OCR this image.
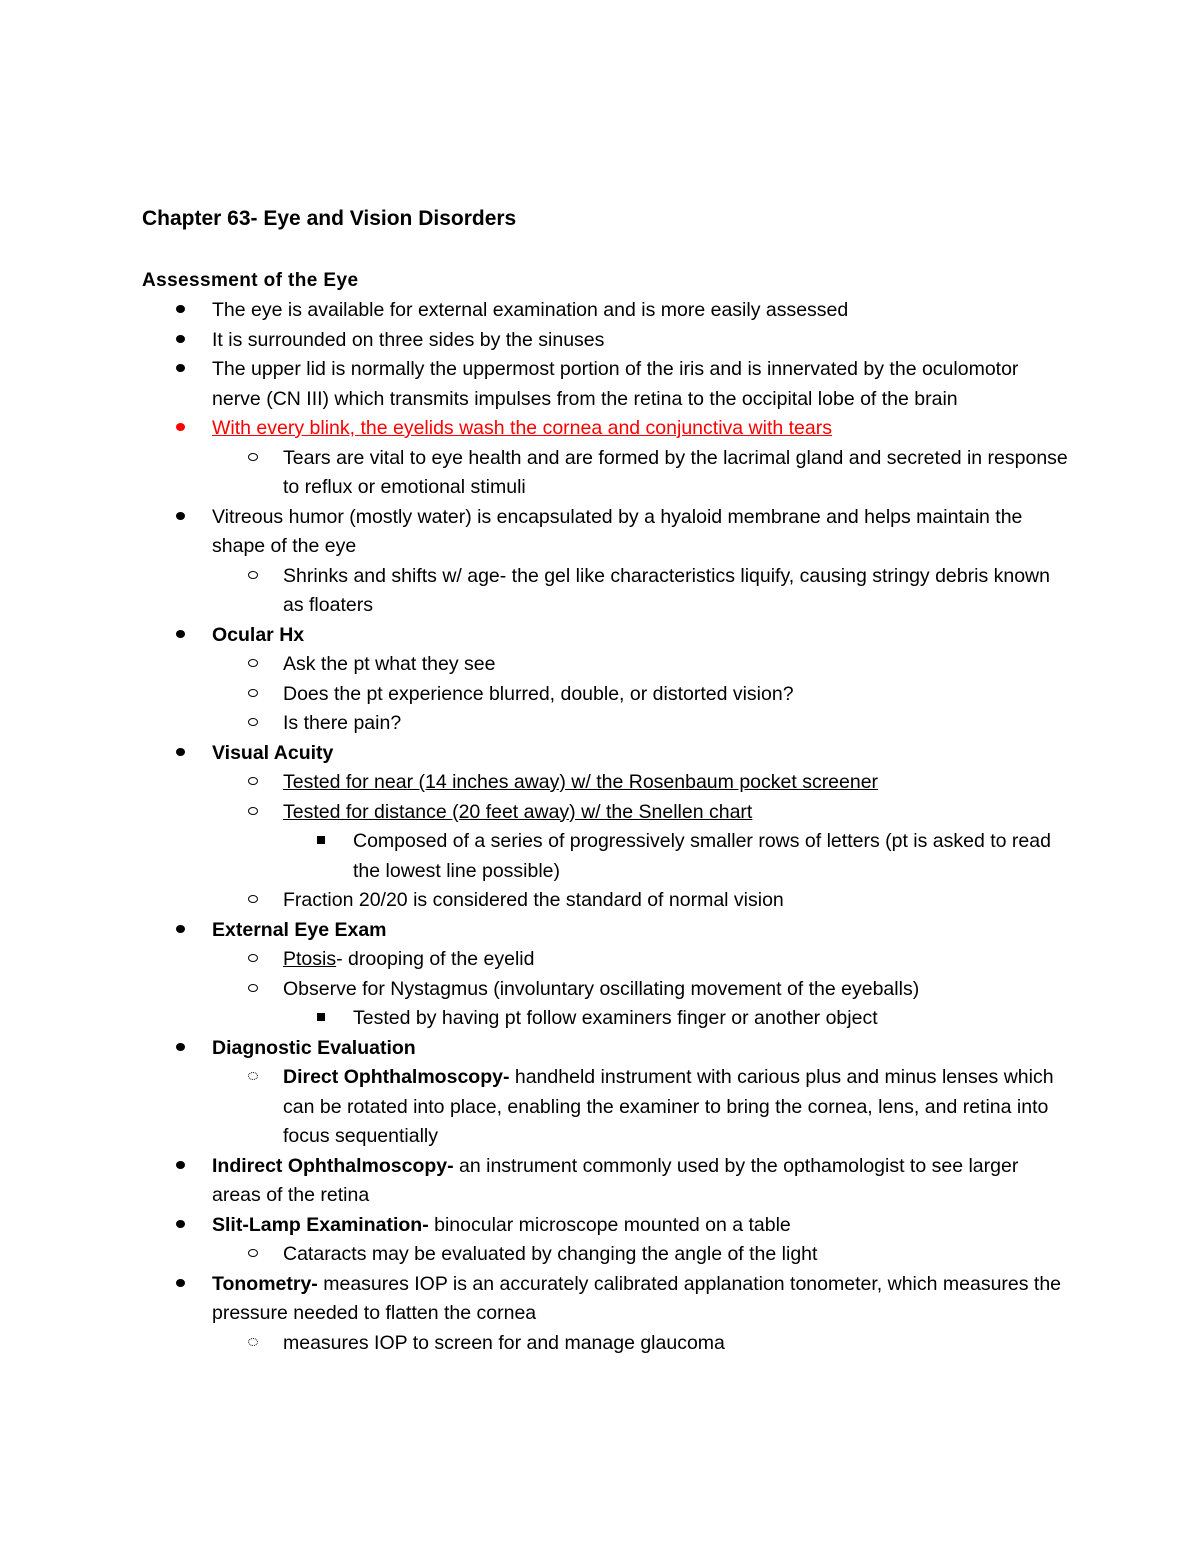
Chapter 63- Eye and Vision Disorders
Assessment of the Eye
The eye is available for external examination and is more easily assessed
It is surrounded on three sides by the sinuses
The upper lid is normally the uppermost portion of the iris and is innervated by the oculomotor nerve (CN III) which transmits impulses from the retina to the occipital lobe of the brain
With every blink, the eyelids wash the cornea and conjunctiva with tears
Tears are vital to eye health and are formed by the lacrimal gland and secreted in response to reflux or emotional stimuli
Vitreous humor (mostly water) is encapsulated by a hyaloid membrane and helps maintain the shape of the eye
Shrinks and shifts w/ age- the gel like characteristics liquify, causing stringy debris known as floaters
Ocular Hx
Ask the pt what they see
Does the pt experience blurred, double, or distorted vision?
Is there pain?
Visual Acuity
Tested for near (14 inches away) w/ the Rosenbaum pocket screener
Tested for distance (20 feet away) w/ the Snellen chart
Composed of a series of progressively smaller rows of letters (pt is asked to read the lowest line possible)
Fraction 20/20 is considered the standard of normal vision
External Eye Exam
Ptosis- drooping of the eyelid
Observe for Nystagmus (involuntary oscillating movement of the eyeballs)
Tested by having pt follow examiners finger or another object
Diagnostic Evaluation
Direct Ophthalmoscopy- handheld instrument with carious plus and minus lenses which can be rotated into place, enabling the examiner to bring the cornea, lens, and retina into focus sequentially
Indirect Ophthalmoscopy- an instrument commonly used by the opthamologist to see larger areas of the retina
Slit-Lamp Examination- binocular microscope mounted on a table
Cataracts may be evaluated by changing the angle of the light
Tonometry- measures IOP is an accurately calibrated applanation tonometer, which measures the pressure needed to flatten the cornea
measures IOP to screen for and manage glaucoma
